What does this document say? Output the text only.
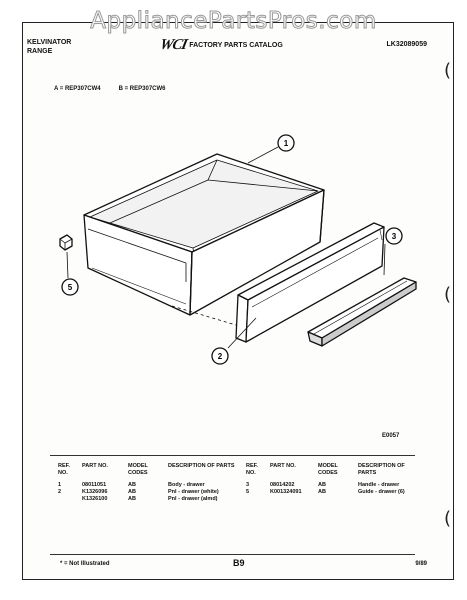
AppliancePartsPros.com
KELVINATOR
RANGE	WCI FACTORY PARTS CATALOG	LK32089059
A = REP307CW4	B = REP307CW6
(
(
(
1
5
2
3
E0057
REF. NO.	PART NO.	MODEL CODES	DESCRIPTION OF PARTS	REF. NO.	PART NO.	MODEL CODES	DESCRIPTION OF PARTS
1	08011051	AB	Body - drawer	3	08014202	AB	Handle - drawer
2	K1326096	AB	Pnl - drawer (white)	5	K001324091	AB	Guide - drawer (6)
	K1326100	AB	Pnl - drawer (almd)				
* = Not Illustrated	B9	9/89
